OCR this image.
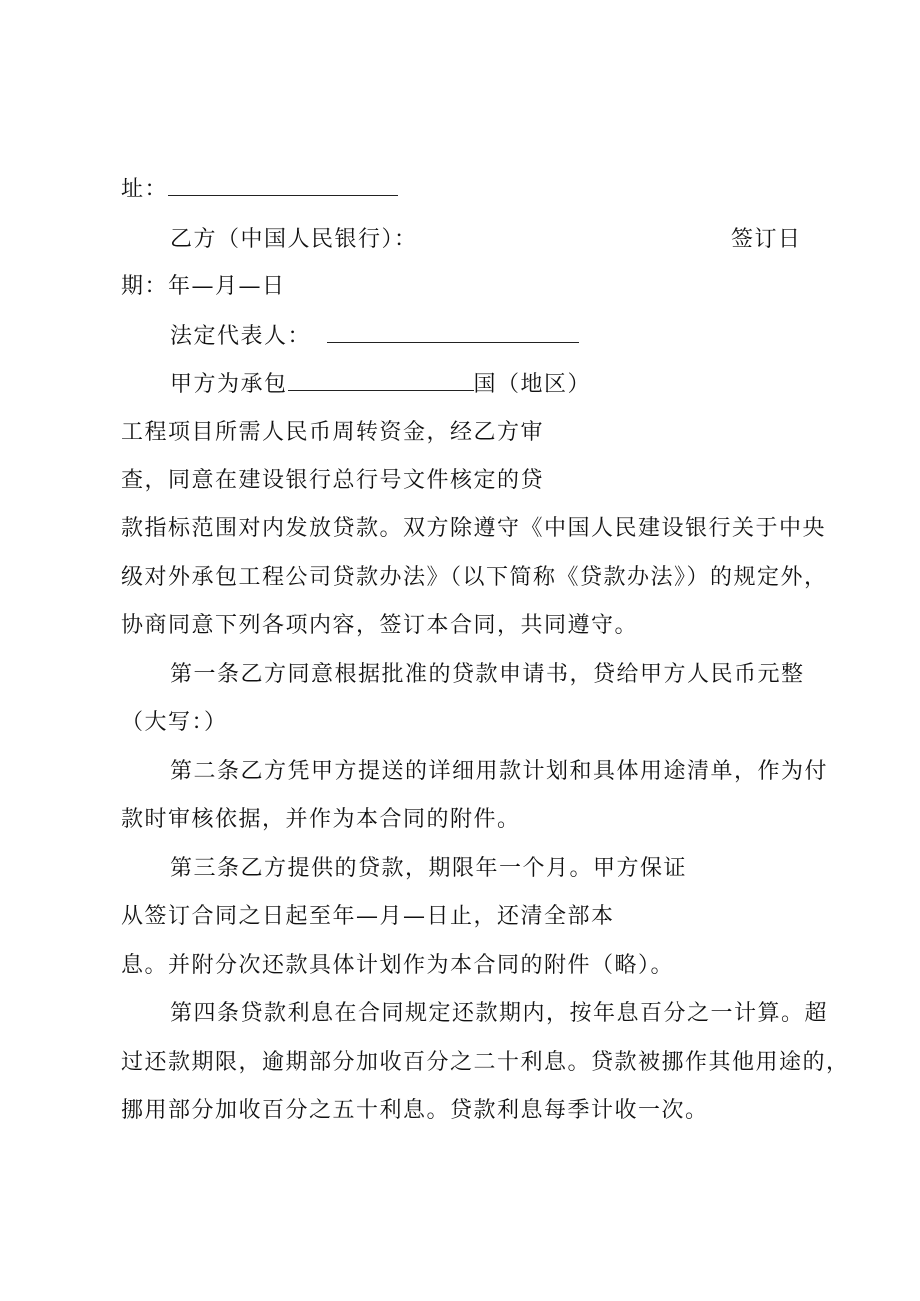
址：
乙方（中国人民银行）：	签订日
期：年—月—日
法定代表人：
甲方为承包	国（地区）
工程项目所需人民币周转资金，经乙方审
查，同意在建设银行总行号文件核定的贷
款指标范围对内发放贷款。双方除遵守《中国人民建设银行关于中央
级对外承包工程公司贷款办法》（以下简称《贷款办法》）的规定外，
协商同意下列各项内容，签订本合同，共同遵守。
第一条乙方同意根据批准的贷款申请书，贷给甲方人民币元整
（大写：）
第二条乙方凭甲方提送的详细用款计划和具体用途清单，作为付
款时审核依据，并作为本合同的附件。
第三条乙方提供的贷款，期限年一个月。甲方保证
从签订合同之日起至年—月—日止，还清全部本
息。并附分次还款具体计划作为本合同的附件（略）。
第四条贷款利息在合同规定还款期内，按年息百分之一计算。超
过还款期限，逾期部分加收百分之二十利息。贷款被挪作其他用途的，
挪用部分加收百分之五十利息。贷款利息每季计收一次。
